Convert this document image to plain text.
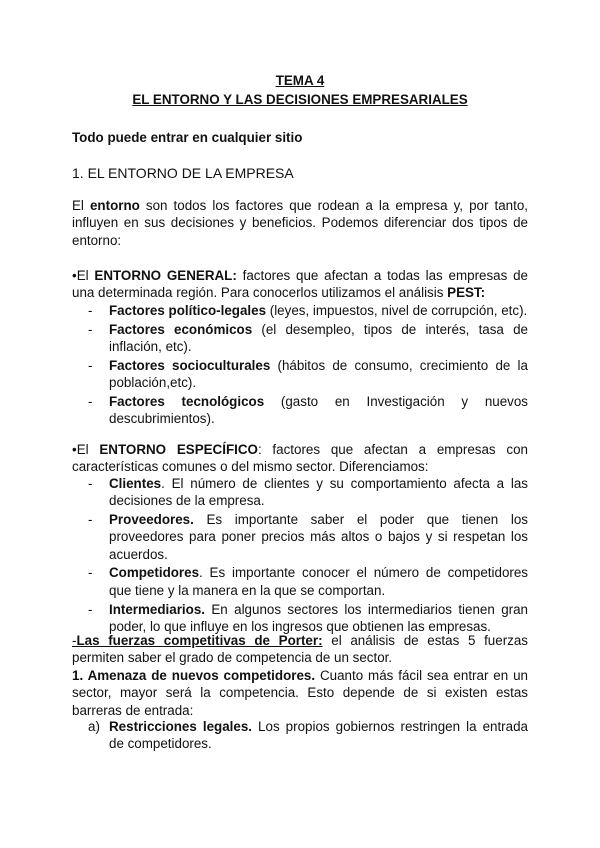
TEMA 4
EL ENTORNO Y LAS DECISIONES EMPRESARIALES
Todo puede entrar en cualquier sitio
1. EL ENTORNO DE LA EMPRESA
El entorno son todos los factores que rodean a la empresa y, por tanto, influyen en sus decisiones y beneficios. Podemos diferenciar dos tipos de entorno:
•El ENTORNO GENERAL: factores que afectan a todas las empresas de una determinada región. Para conocerlos utilizamos el análisis PEST:
- Factores político-legales (leyes, impuestos, nivel de corrupción, etc).
- Factores económicos (el desempleo, tipos de interés, tasa de inflación, etc).
- Factores socioculturales (hábitos de consumo, crecimiento de la población,etc).
- Factores tecnológicos (gasto en Investigación y nuevos descubrimientos).
•El ENTORNO ESPECÍFICO: factores que afectan a empresas con características comunes o del mismo sector. Diferenciamos:
- Clientes. El número de clientes y su comportamiento afecta a las decisiones de la empresa.
- Proveedores. Es importante saber el poder que tienen los proveedores para poner precios más altos o bajos y si respetan los acuerdos.
- Competidores. Es importante conocer el número de competidores que tiene y la manera en la que se comportan.
- Intermediarios. En algunos sectores los intermediarios tienen gran poder, lo que influye en los ingresos que obtienen las empresas.
-Las fuerzas competitivas de Porter: el análisis de estas 5 fuerzas permiten saber el grado de competencia de un sector.
1. Amenaza de nuevos competidores. Cuanto más fácil sea entrar en un sector, mayor será la competencia. Esto depende de si existen estas barreras de entrada:
a) Restricciones legales. Los propios gobiernos restringen la entrada de competidores.
